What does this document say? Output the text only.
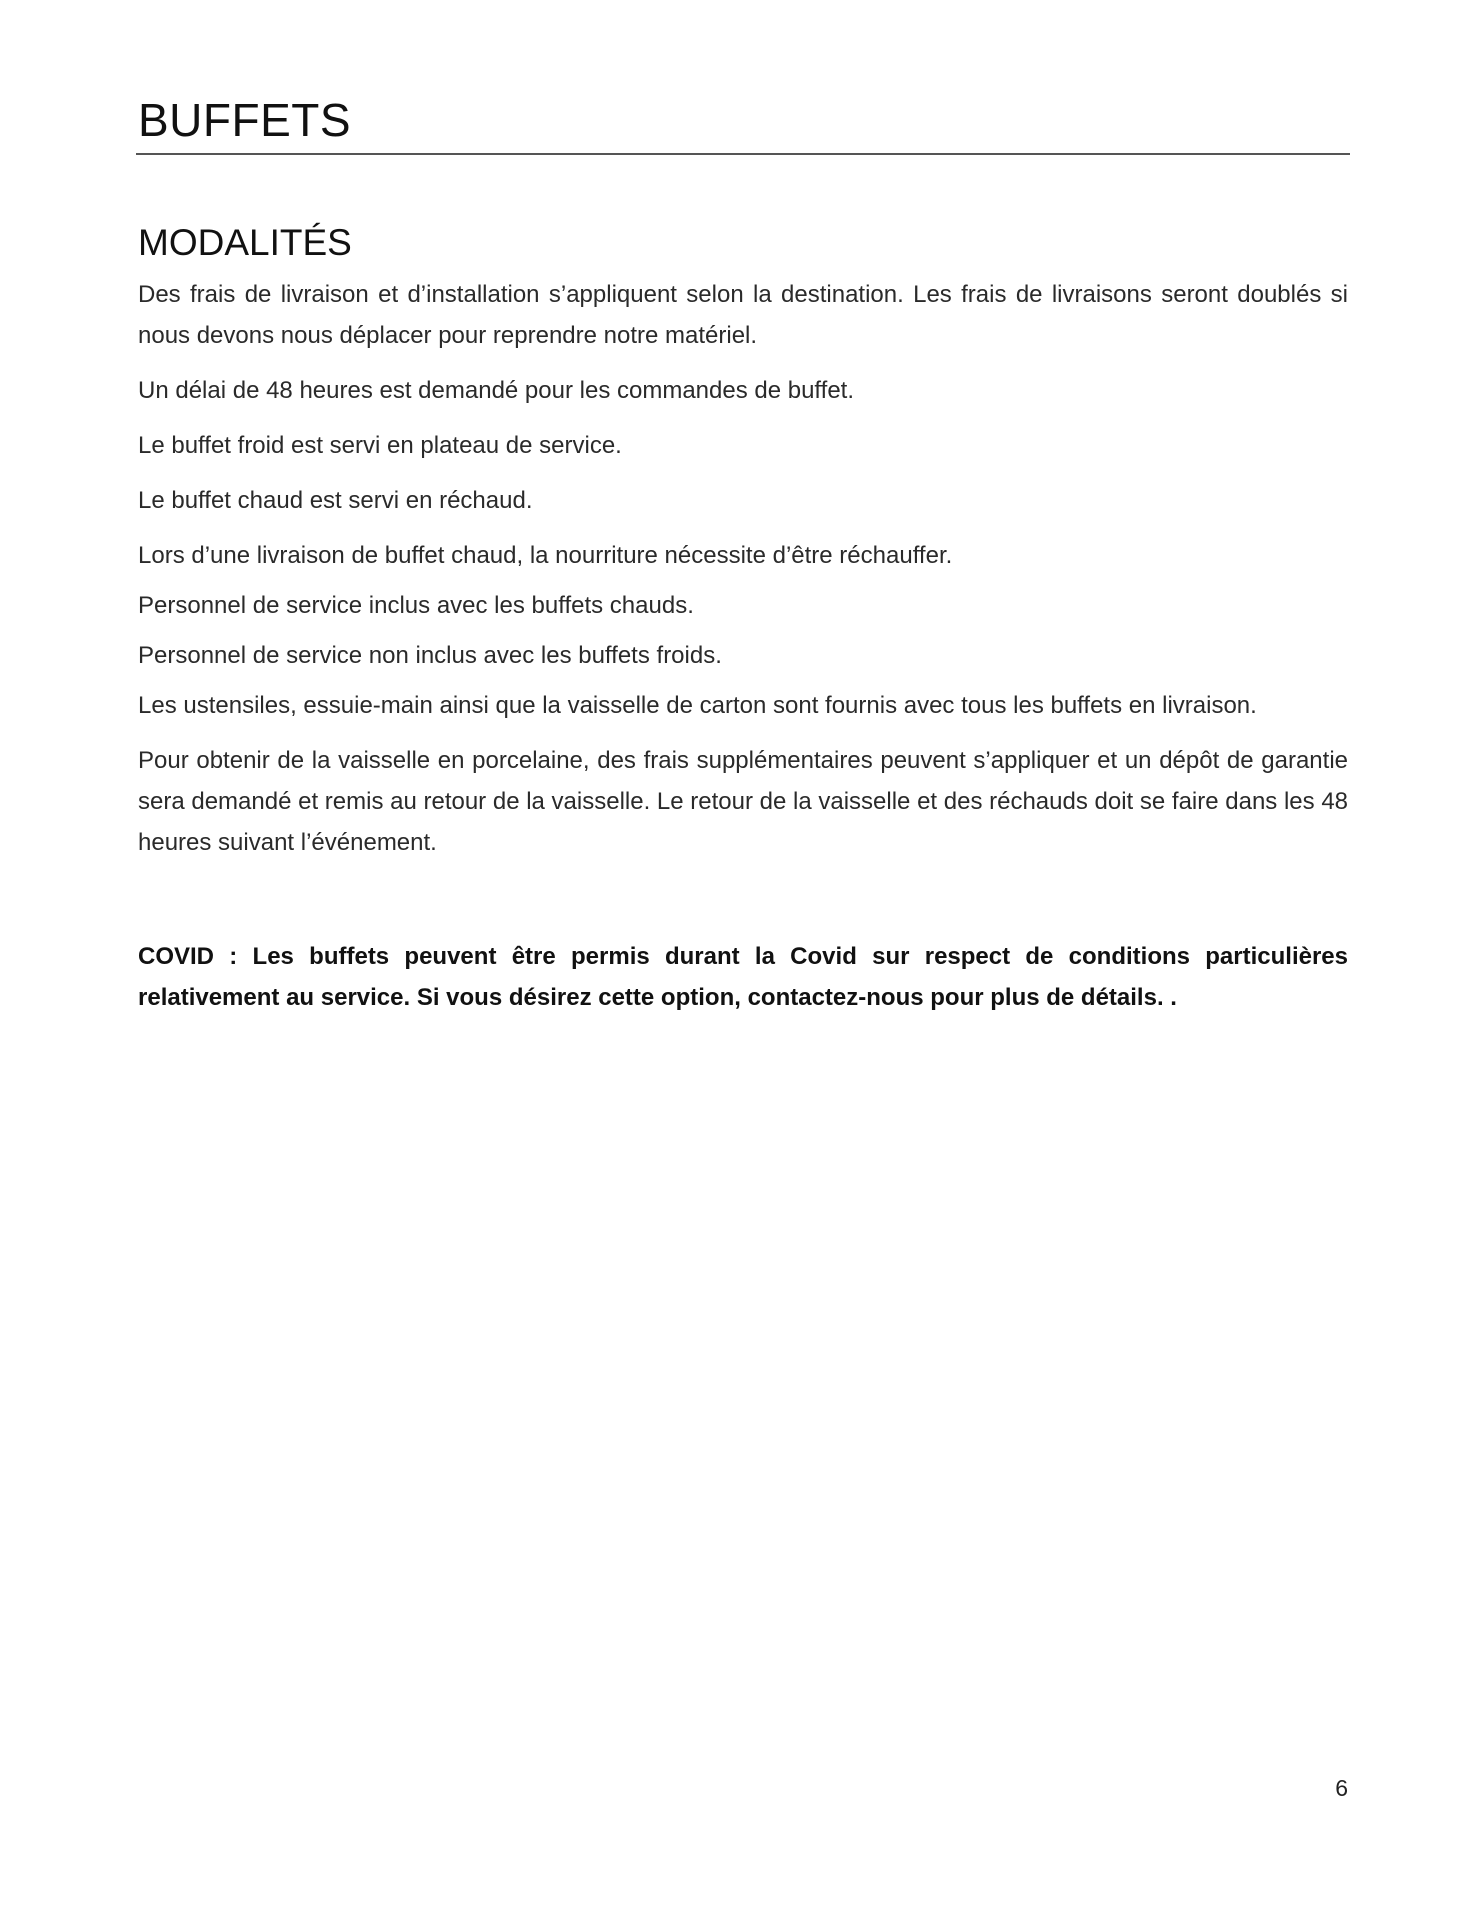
BUFFETS
MODALITÉS

Des frais de livraison et d’installation s’appliquent selon la destination. Les frais de livraisons seront doublés si nous devons nous déplacer pour reprendre notre matériel.

Un délai de 48 heures est demandé pour les commandes de buffet.

Le buffet froid est servi en plateau de service.

Le buffet chaud est servi en réchaud.

Lors d’une livraison de buffet chaud, la nourriture nécessite d’être réchauffer.

Personnel de service inclus avec les buffets chauds.

Personnel de service non inclus avec les buffets froids.

Les ustensiles, essuie-main ainsi que la vaisselle de carton sont fournis avec tous les buffets en livraison.

Pour obtenir de la vaisselle en porcelaine, des frais supplémentaires peuvent s’appliquer et un dépôt de garantie sera demandé et remis au retour de la vaisselle. Le retour de la vaisselle et des réchauds doit se faire dans les 48 heures suivant l’événement.

COVID : Les buffets peuvent être permis durant la Covid sur respect de conditions particulières relativement au service. Si vous désirez cette option, contactez-nous pour plus de détails. .

6
